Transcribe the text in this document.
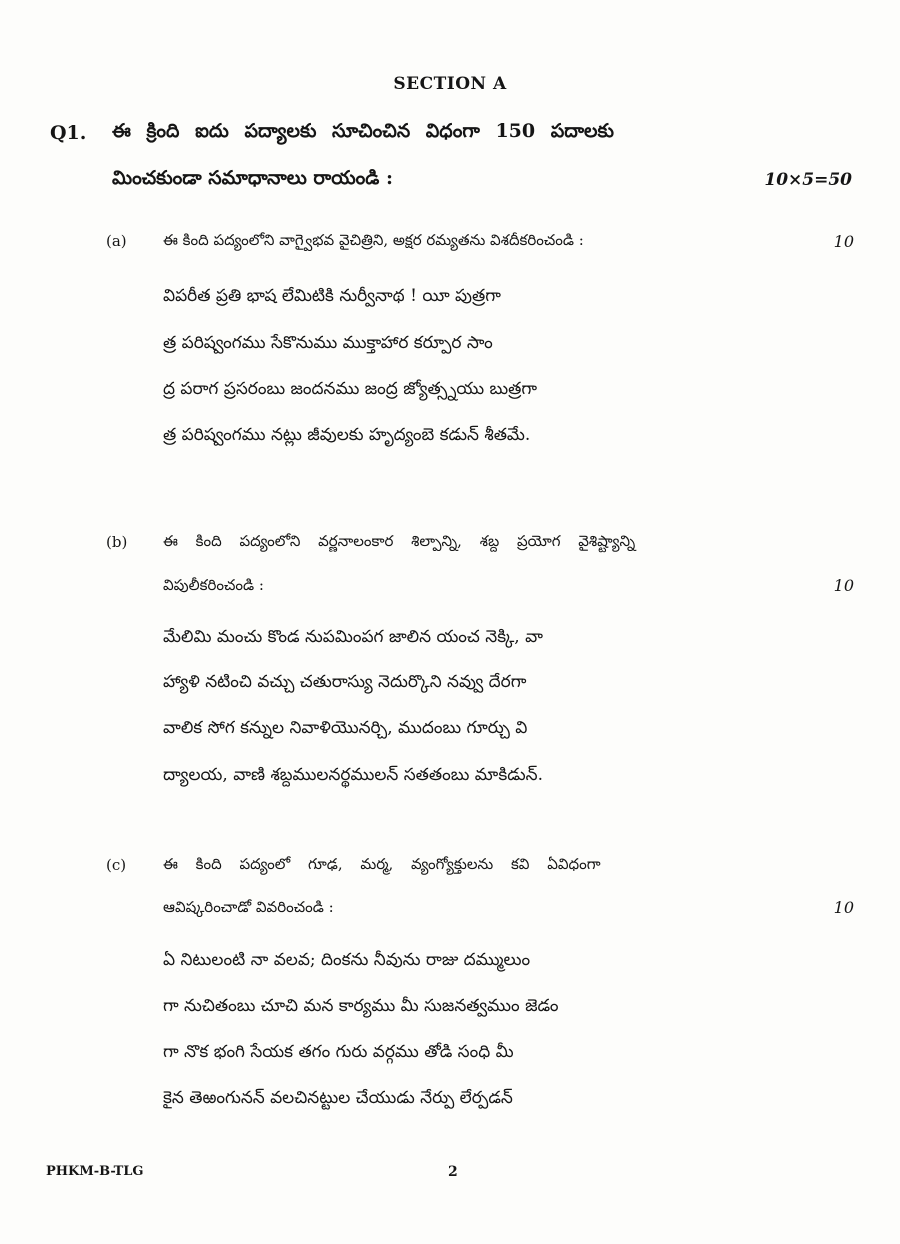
SECTION A
Q1. ఈ క్రింది ఐదు పద్యాలకు సూచించిన విధంగా 150 పదాలకు
మించకుండా సమాధానాలు రాయండి :	10×5=50
(a) ఈ కింది పద్యంలోని వాగ్వైభవ వైచిత్రిని, అక్షర రమ్యతను విశదీకరించండి :	10
విపరీత ప్రతి భాష లేమిటికి నుర్వీనాథ ! యీ పుత్రగా
త్ర పరిష్వంగము సేకొనుము ముక్తాహార కర్పూర సాం
ద్ర పరాగ ప్రసరంబు జందనము జంద్ర జ్యోత్స్నయు బుత్రగా
త్ర పరిష్వంగము నట్లు జీవులకు హృద్యంబె కడున్ శీతమే.
(b) ఈ కింది పద్యంలోని వర్ణనాలంకార శిల్పాన్ని, శబ్ద ప్రయోగ వైశిష్ట్యాన్ని
విపులీకరించండి :	10
మేలిమి మంచు కొండ నుపమింపగ జాలిన యంచ నెక్కి, వా
హ్యాళి నటించి వచ్చు చతురాస్యు నెదుర్కొని నవ్వు దేరగా
వాలిక సోగ కన్నుల నివాళియొనర్చి, ముదంబు గూర్చు వి
ద్యాలయ, వాణి శబ్దములనర్థములన్ సతతంబు మాకిడున్.
(c) ఈ కింది పద్యంలో గూఢ, మర్మ, వ్యంగ్యోక్తులను కవి ఏవిధంగా
ఆవిష్కరించాడో వివరించండి :	10
ఏ నిటులంటి నా వలవ; దింకను నీవును రాజు దమ్ములుం
గా నుచితంబు చూచి మన కార్యము మీ సుజనత్వముం జెడం
గా నొక భంగి సేయక తగం గురు వర్గము తోడి సంధి మీ
కైన తెఱంగునన్ వలచినట్టుల చేయుడు నేర్పు లేర్పడన్
PHKM-B-TLG	2
